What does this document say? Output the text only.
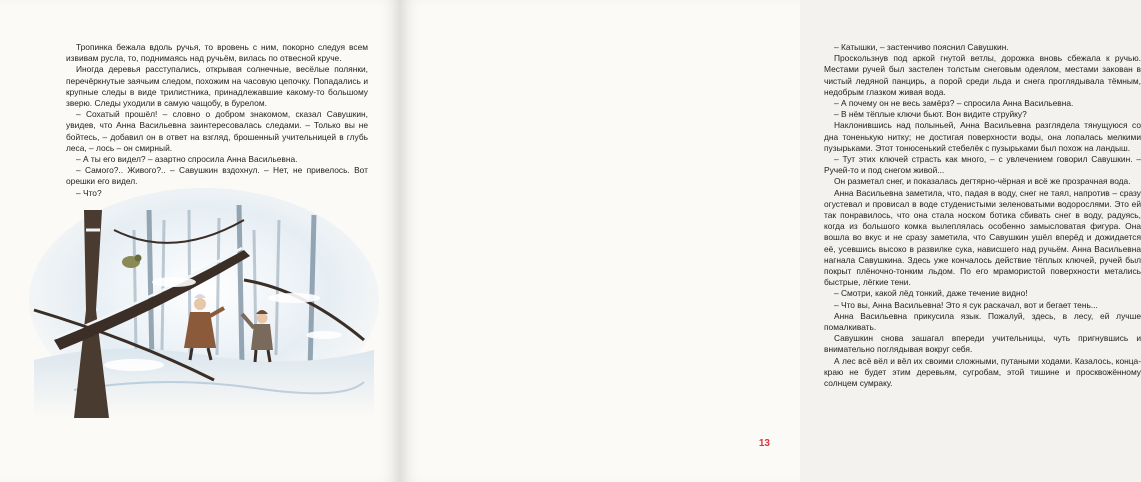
Тропинка бежала вдоль ручья, то вровень с ним, покорно следуя всем извивам русла, то, поднимаясь над ручьём, вилась по отвесной круче.

Иногда деревья расступались, открывая солнечные, весёлые полянки, перечёркнутые заячьим следом, похожим на часовую цепочку. Попадались и крупные следы в виде трилистника, принадлежавшие какому-то большому зверю. Следы уходили в самую чащобу, в бурелом.

– Сохатый прошёл! – словно о добром знакомом, сказал Савушкин, увидев, что Анна Васильевна заинтересовалась следами. – Только вы не бойтесь, – добавил он в ответ на взгляд, брошенный учительницей в глубь леса, – лось – он смирный.

– А ты его видел? – азартно спросила Анна Васильевна.

– Самого?.. Живого?.. – Савушкин вздохнул. – Нет, не привелось. Вот орешки его видел.

– Что?

– Катышки, – застенчиво пояснил Савушкин.

Проскользнув под аркой гнутой ветлы, дорожка вновь сбежала к ручью. Местами ручей был застелен толстым снеговым одеялом, местами закован в чистый ледяной панцирь, а порой среди льда и снега проглядывала тёмным, недобрым глазком живая вода.

– А почему он не весь замёрз? – спросила Анна Васильевна.

– В нём тёплые ключи бьют. Вон видите струйку?

Наклонившись над полыньей, Анна Васильевна разглядела тянущуюся со дна тоненькую нитку; не достигая поверхности воды, она лопалась мелкими пузырьками. Этот тонюсенький стебелёк с пузырьками был похож на ландыш.

– Тут этих ключей страсть как много, – с увлечением говорил Савушкин. – Ручей-то и под снегом живой...

Он разметал снег, и показалась дегтярно-чёрная и всё же прозрачная вода.

Анна Васильевна заметила, что, падая в воду, снег не таял, напротив – сразу огустевал и провисал в воде студенистыми зеленоватыми водорослями. Это ей так понравилось, что она стала носком ботика сбивать снег в воду, радуясь, когда из большого комка вылеплялась особенно замысловатая фигура. Она вошла во вкус и не сразу заметила, что Савушкин ушёл вперёд и дожидается её, усевшись высоко в развилке сука, нависшего над ручьём. Анна Васильевна нагнала Савушкина. Здесь уже кончалось действие тёплых ключей, ручей был покрыт плёночно-тонким льдом. По его мрамористой поверхности метались быстрые, лёгкие тени.

– Смотри, какой лёд тонкий, даже течение видно!

– Что вы, Анна Васильевна! Это я сук раскачал, вот и бегает тень...

Анна Васильевна прикусила язык. Пожалуй, здесь, в лесу, ей лучше помалкивать.

Савушкин снова зашагал впереди учительницы, чуть пригнувшись и внимательно поглядывая вокруг себя.

А лес всё вёл и вёл их своими сложными, путаными ходами. Казалось, конца-краю не будет этим деревьям, сугробам, этой тишине и просквожённому солнцем сумраку.

13
